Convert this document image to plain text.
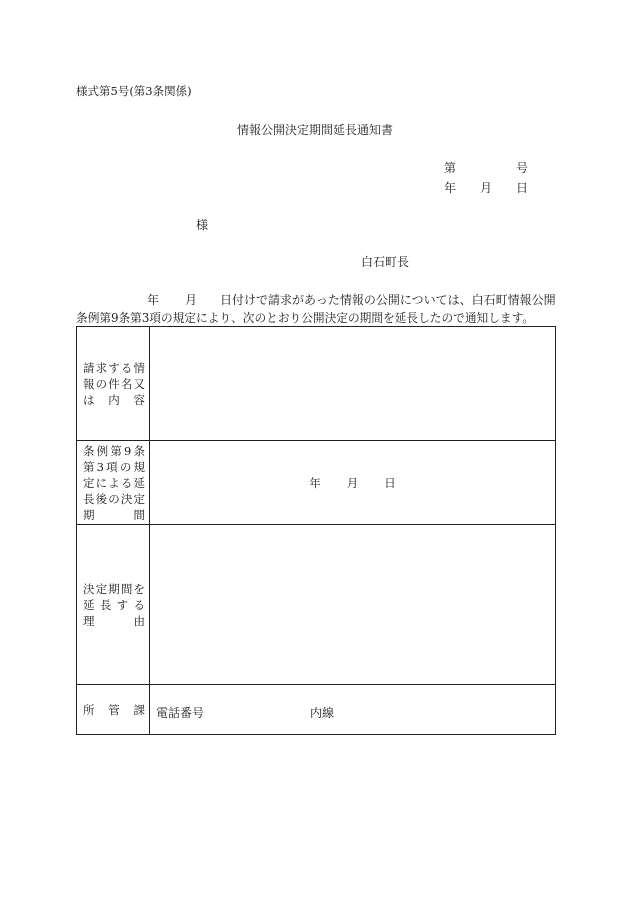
様式第5号(第3条関係)
情報公開決定期間延長通知書
第	号
年 月 日
様
白石町長
年 月 日付けで請求があった情報の公開については、白石町情報公開
条例第9条第3項の規定により、次のとおり公開決定の期間を延長したので通知します。
請求する情
報の件名又
は　内　容	

条例第9条
第3項の規
定による延
長後の決定
期　　間	年 月 日

決定期間を
延長する
理　　由	

所　管　課	電話番号 内線
